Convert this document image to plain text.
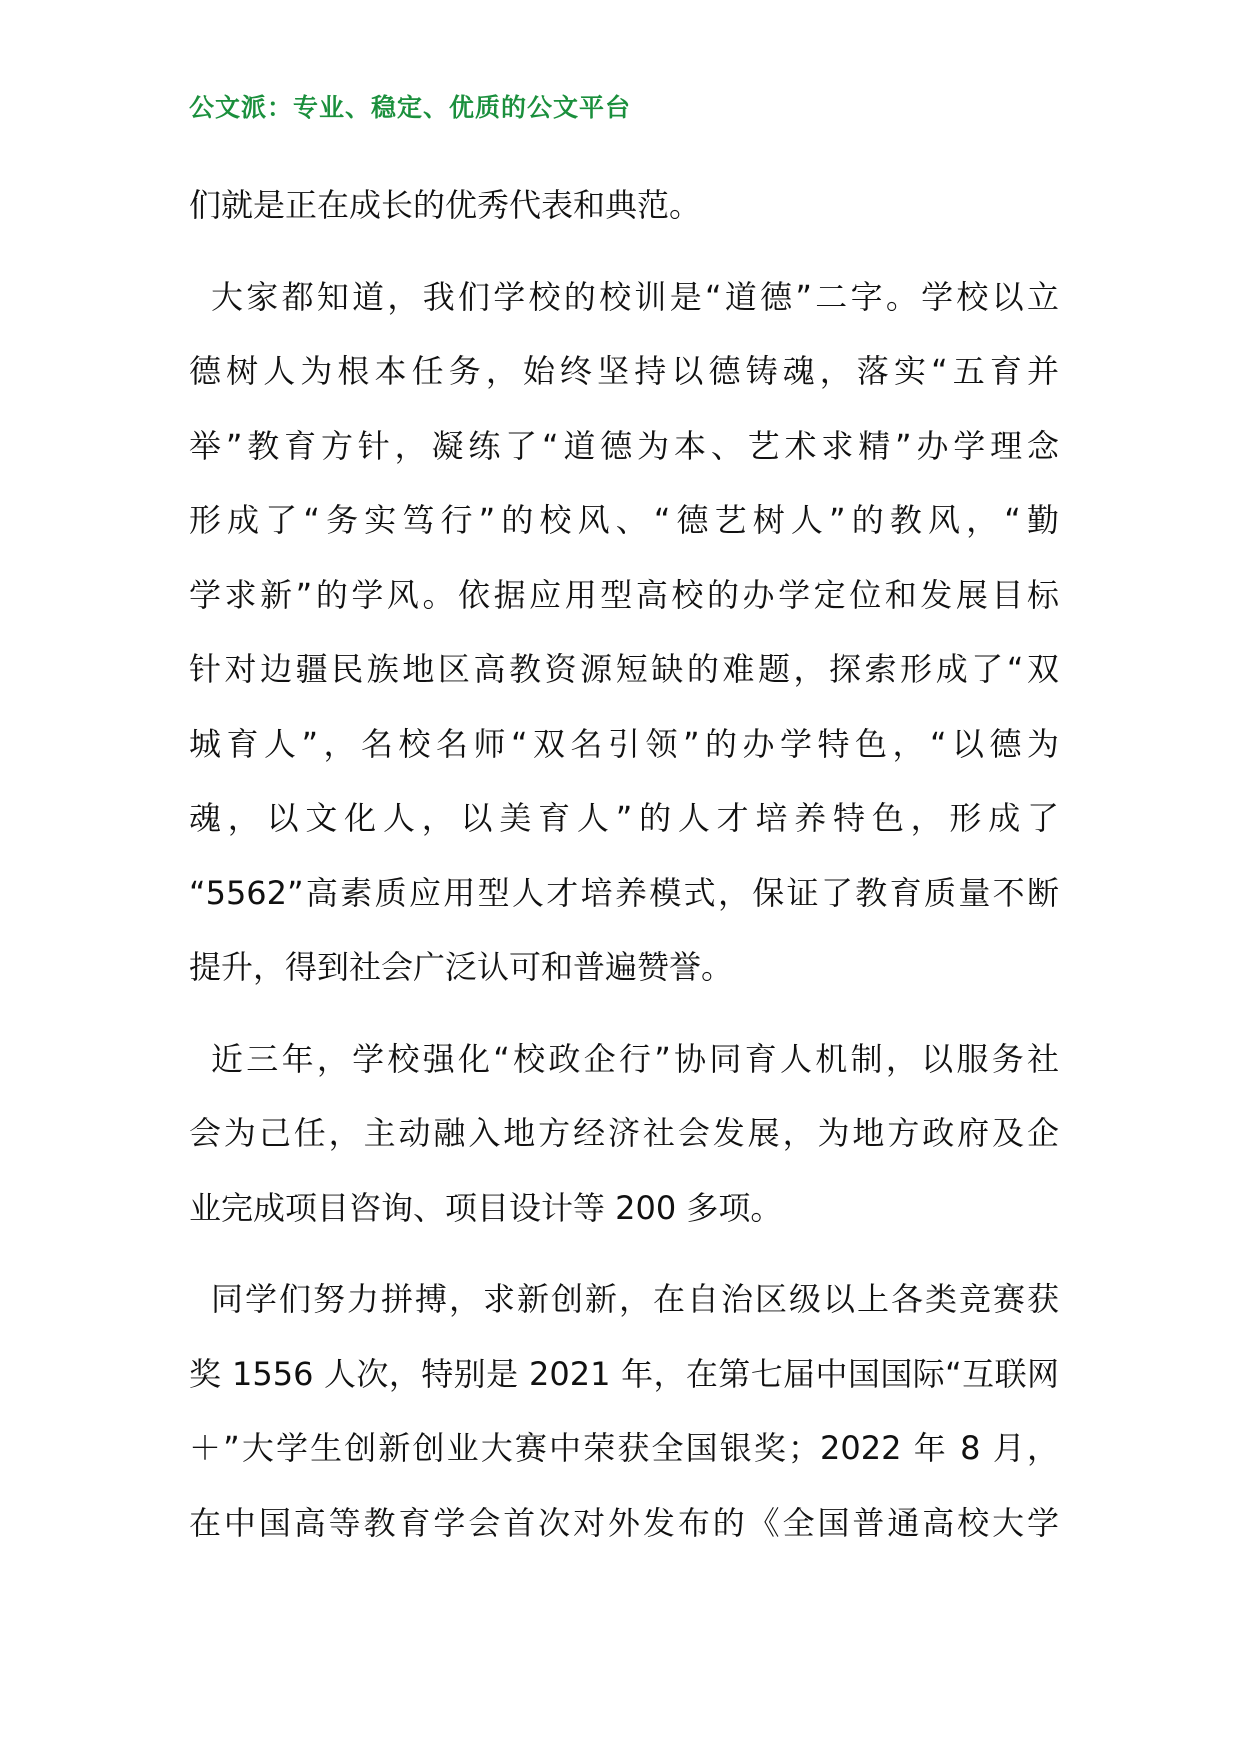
公文派：专业、稳定、优质的公文平台
们就是正在成长的优秀代表和典范。
大家都知道，我们学校的校训是“道德”二字。学校以立
德树人为根本任务，始终坚持以德铸魂，落实“五育并
举”教育方针，凝练了“道德为本、艺术求精”办学理念
形成了“务实笃行”的校风、“德艺树人”的教风，“勤
学求新”的学风。依据应用型高校的办学定位和发展目标
针对边疆民族地区高教资源短缺的难题，探索形成了“双
城育人”，名校名师“双名引领”的办学特色，“以德为
魂，以文化人，以美育人”的人才培养特色，形成了
“5562”高素质应用型人才培养模式，保证了教育质量不断
提升，得到社会广泛认可和普遍赞誉。
近三年，学校强化“校政企行”协同育人机制，以服务社
会为己任，主动融入地方经济社会发展，为地方政府及企
业完成项目咨询、项目设计等 200 多项。
同学们努力拼搏，求新创新，在自治区级以上各类竞赛获
奖 1556 人次，特别是 2021 年，在第七届中国国际“互联网
＋”大学生创新创业大赛中荣获全国银奖；2022 年 8 月，
在中国高等教育学会首次对外发布的《全国普通高校大学
